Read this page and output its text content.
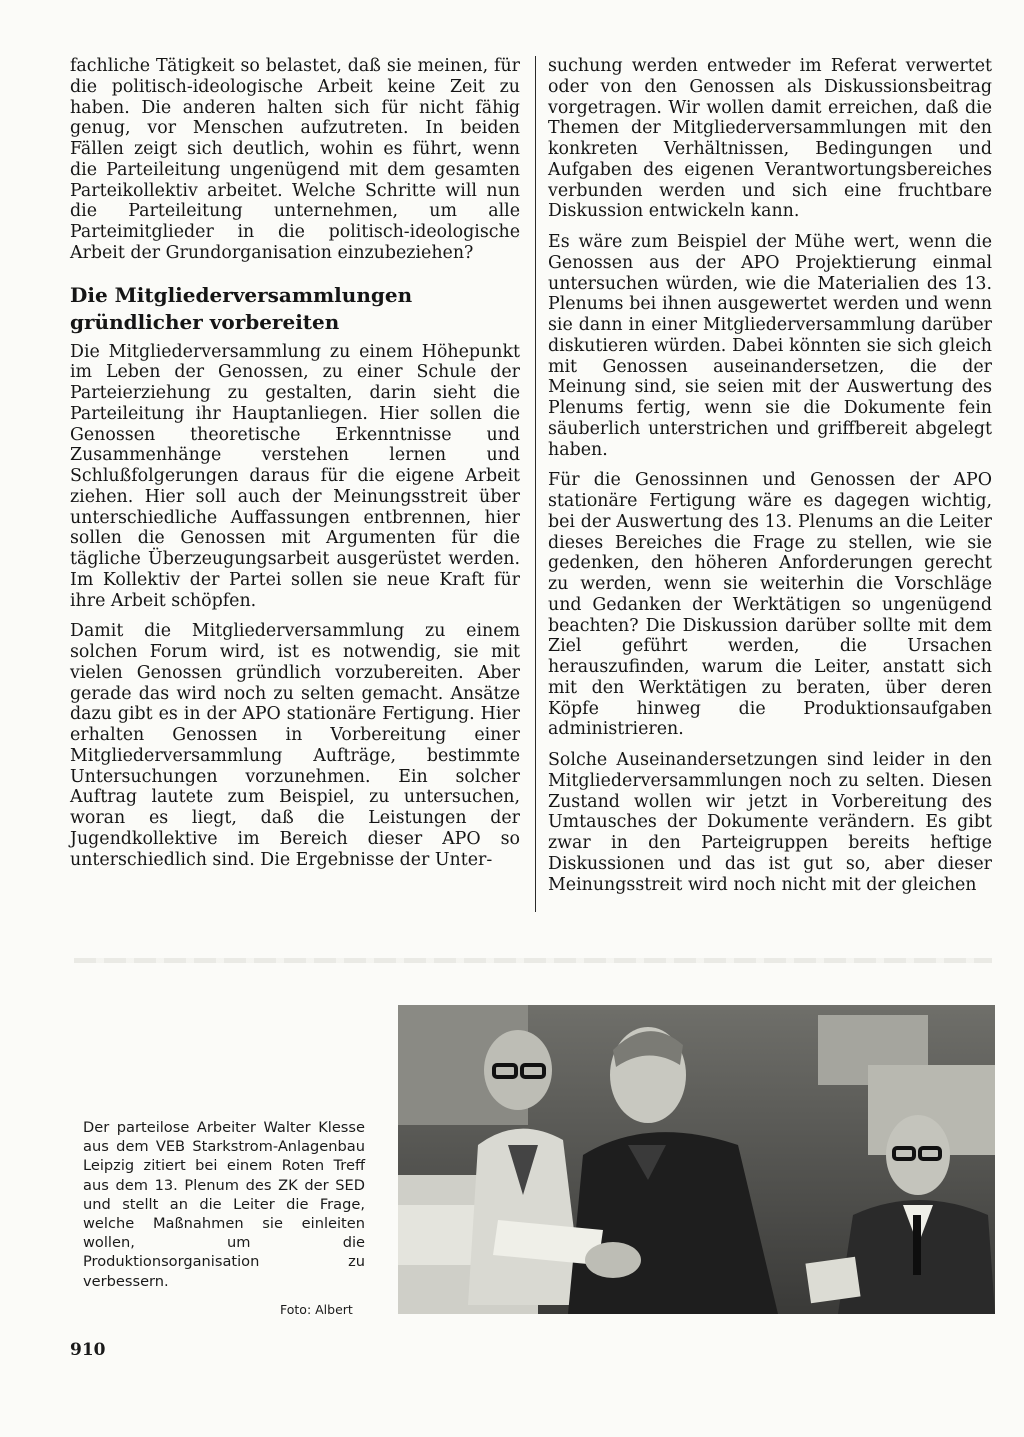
fachliche Tätigkeit so belastet, daß sie meinen, für die politisch-ideologische Arbeit keine Zeit zu haben. Die anderen halten sich für nicht fähig genug, vor Menschen aufzutreten. In beiden Fällen zeigt sich deutlich, wohin es führt, wenn die Parteileitung ungenügend mit dem gesamten Parteikollektiv arbeitet. Welche Schritte will nun die Parteileitung unternehmen, um alle Parteimitglieder in die politisch-ideologische Arbeit der Grundorganisation einzubeziehen?

Die Mitgliederversammlungen
gründlicher vorbereiten

Die Mitgliederversammlung zu einem Höhepunkt im Leben der Genossen, zu einer Schule der Parteierziehung zu gestalten, darin sieht die Parteileitung ihr Hauptanliegen. Hier sollen die Genossen theoretische Erkenntnisse und Zusammenhänge verstehen lernen und Schlußfolgerungen daraus für die eigene Arbeit ziehen. Hier soll auch der Meinungsstreit über unterschiedliche Auffassungen entbrennen, hier sollen die Genossen mit Argumenten für die tägliche Überzeugungsarbeit ausgerüstet werden. Im Kollektiv der Partei sollen sie neue Kraft für ihre Arbeit schöpfen.

Damit die Mitgliederversammlung zu einem solchen Forum wird, ist es notwendig, sie mit vielen Genossen gründlich vorzubereiten. Aber gerade das wird noch zu selten gemacht. Ansätze dazu gibt es in der APO stationäre Fertigung. Hier erhalten Genossen in Vorbereitung einer Mitgliederversammlung Aufträge, bestimmte Untersuchungen vorzunehmen. Ein solcher Auftrag lautete zum Beispiel, zu untersuchen, woran es liegt, daß die Leistungen der Jugendkollektive im Bereich dieser APO so unterschiedlich sind. Die Ergebnisse der Unter-

suchung werden entweder im Referat verwertet oder von den Genossen als Diskussionsbeitrag vorgetragen. Wir wollen damit erreichen, daß die Themen der Mitgliederversammlungen mit den konkreten Verhältnissen, Bedingungen und Aufgaben des eigenen Verantwortungsbereiches verbunden werden und sich eine fruchtbare Diskussion entwickeln kann.

Es wäre zum Beispiel der Mühe wert, wenn die Genossen aus der APO Projektierung einmal untersuchen würden, wie die Materialien des 13. Plenums bei ihnen ausgewertet werden und wenn sie dann in einer Mitgliederversammlung darüber diskutieren würden. Dabei könnten sie sich gleich mit Genossen auseinandersetzen, die der Meinung sind, sie seien mit der Auswertung des Plenums fertig, wenn sie die Dokumente fein säuberlich unterstrichen und griffbereit abgelegt haben.

Für die Genossinnen und Genossen der APO stationäre Fertigung wäre es dagegen wichtig, bei der Auswertung des 13. Plenums an die Leiter dieses Bereiches die Frage zu stellen, wie sie gedenken, den höheren Anforderungen gerecht zu werden, wenn sie weiterhin die Vorschläge und Gedanken der Werktätigen so ungenügend beachten? Die Diskussion darüber sollte mit dem Ziel geführt werden, die Ursachen herauszufinden, warum die Leiter, anstatt sich mit den Werktätigen zu beraten, über deren Köpfe hinweg die Produktionsaufgaben administrieren.

Solche Auseinandersetzungen sind leider in den Mitgliederversammlungen noch zu selten. Diesen Zustand wollen wir jetzt in Vorbereitung des Umtausches der Dokumente verändern. Es gibt zwar in den Parteigruppen bereits heftige Diskussionen und das ist gut so, aber dieser Meinungsstreit wird noch nicht mit der gleichen

Der parteilose Arbeiter Walter Klesse aus dem VEB Starkstrom-Anlagenbau Leipzig zitiert bei einem Roten Treff aus dem 13. Plenum des ZK der SED und stellt an die Leiter die Frage, welche Maßnahmen sie einleiten wollen, um die Produktionsorganisation zu verbessern.
Foto: Albert
910
